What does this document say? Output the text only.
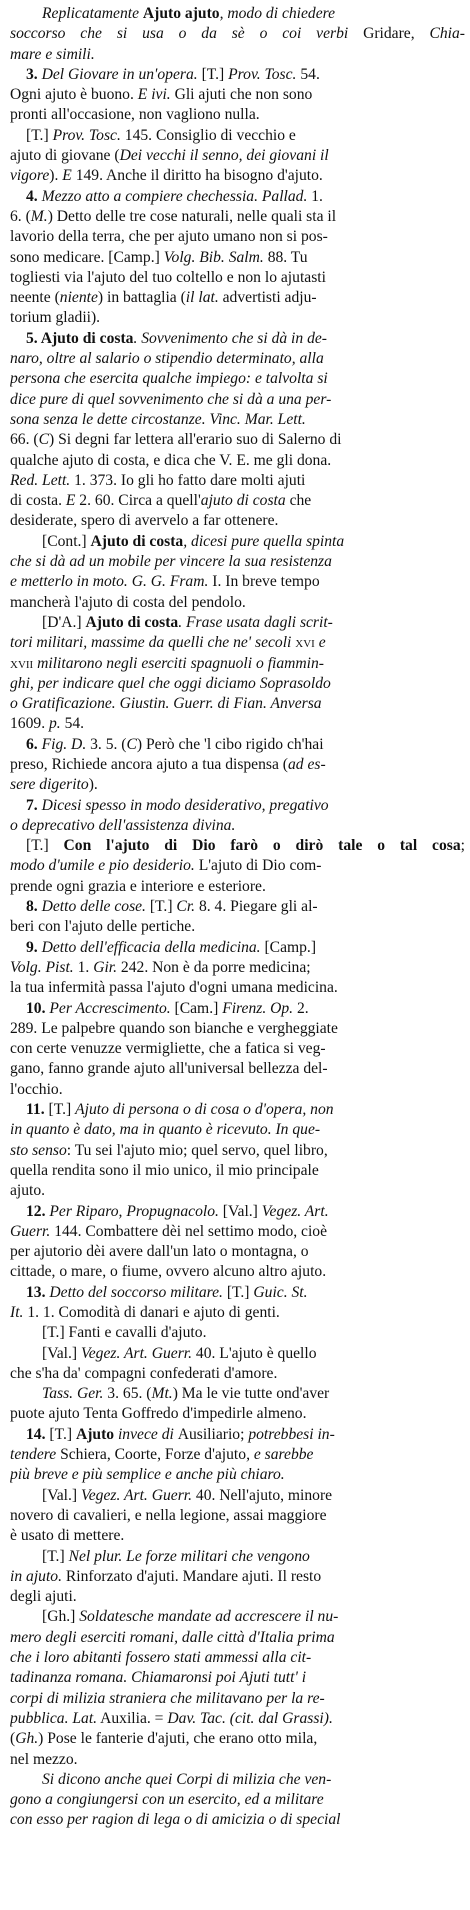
Replicatamente Ajuto ajuto, modo di chiedere
soccorso che si usa o da sè o coi verbi Gridare, Chia-
mare e simili.
3. Del Giovare in un'opera. [T.] Prov. Tosc. 54.
Ogni ajuto è buono. E ivi. Gli ajuti che non sono
pronti all'occasione, non vagliono nulla.
[T.] Prov. Tosc. 145. Consiglio di vecchio e
ajuto di giovane (Dei vecchi il senno, dei giovani il
vigore). E 149. Anche il diritto ha bisogno d'ajuto.
4. Mezzo atto a compiere chechessia. Pallad. 1.
6. (M.) Detto delle tre cose naturali, nelle quali sta il
lavorio della terra, che per ajuto umano non si pos-
sono medicare. [Camp.] Volg. Bib. Salm. 88. Tu
togliesti via l'ajuto del tuo coltello e non lo ajutasti
neente (niente) in battaglia (il lat. advertisti adju-
torium gladii).
5. Ajuto di costa. Sovvenimento che si dà in de-
naro, oltre al salario o stipendio determinato, alla
persona che esercita qualche impiego: e talvolta si
dice pure di quel sovvenimento che si dà a una per-
sona senza le dette circostanze. Vinc. Mar. Lett.
66. (C) Si degni far lettera all'erario suo di Salerno di
qualche ajuto di costa, e dica che V. E. me gli dona.
Red. Lett. 1. 373. Io gli ho fatto dare molti ajuti
di costa. E 2. 60. Circa a quell'ajuto di costa che
desiderate, spero di avervelo a far ottenere.
[Cont.] Ajuto di costa, dicesi pure quella spinta
che si dà ad un mobile per vincere la sua resistenza
e metterlo in moto. G. G. Fram. I. In breve tempo
mancherà l'ajuto di costa del pendolo.
[D'A.] Ajuto di costa. Frase usata dagli scrit-
tori militari, massime da quelli che ne' secoli xvi e
xvii militarono negli eserciti spagnuoli o fiammin-
ghi, per indicare quel che oggi diciamo Soprasoldo
o Gratificazione. Giustin. Guerr. di Fian. Anversa
1609. p. 54.
6. Fig. D. 3. 5. (C) Però che 'l cibo rigido ch'hai
preso, Richiede ancora ajuto a tua dispensa (ad es-
sere digerito).
7. Dicesi spesso in modo desiderativo, pregativo
o deprecativo dell'assistenza divina.
[T.] Con l'ajuto di Dio farò o dirò tale o tal cosa;
modo d'umile e pio desiderio. L'ajuto di Dio com-
prende ogni grazia e interiore e esteriore.
8. Detto delle cose. [T.] Cr. 8. 4. Piegare gli al-
beri con l'ajuto delle pertiche.
9. Detto dell'efficacia della medicina. [Camp.]
Volg. Pist. 1. Gir. 242. Non è da porre medicina;
la tua infermità passa l'ajuto d'ogni umana medicina.
10. Per Accrescimento. [Cam.] Firenz. Op. 2.
289. Le palpebre quando son bianche e vergheggiate
con certe venuzze vermigliette, che a fatica si veg-
gano, fanno grande ajuto all'universal bellezza del-
l'occhio.
11. [T.] Ajuto di persona o di cosa o d'opera, non
in quanto è dato, ma in quanto è ricevuto. In que-
sto senso: Tu sei l'ajuto mio; quel servo, quel libro,
quella rendita sono il mio unico, il mio principale
ajuto.
12. Per Riparo, Propugnacolo. [Val.] Vegez. Art.
Guerr. 144. Combattere dèi nel settimo modo, cioè
per ajutorio dèi avere dall'un lato o montagna, o
cittade, o mare, o fiume, ovvero alcuno altro ajuto.
13. Detto del soccorso militare. [T.] Guic. St.
It. 1. 1. Comodità di danari e ajuto di genti.
[T.] Fanti e cavalli d'ajuto.
[Val.] Vegez. Art. Guerr. 40. L'ajuto è quello
che s'ha da' compagni confederati d'amore.
Tass. Ger. 3. 65. (Mt.) Ma le vie tutte ond'aver
puote ajuto Tenta Goffredo d'impedirle almeno.
14. [T.] Ajuto invece di Ausiliario; potrebbesi in-
tendere Schiera, Coorte, Forze d'ajuto, e sarebbe
più breve e più semplice e anche più chiaro.
[Val.] Vegez. Art. Guerr. 40. Nell'ajuto, minore
novero di cavalieri, e nella legione, assai maggiore
è usato di mettere.
[T.] Nel plur. Le forze militari che vengono
in ajuto. Rinforzato d'ajuti. Mandare ajuti. Il resto
degli ajuti.
[Gh.] Soldatesche mandate ad accrescere il nu-
mero degli eserciti romani, dalle città d'Italia prima
che i loro abitanti fossero stati ammessi alla cit-
tadinanza romana. Chiamaronsi poi Ajuti tutt' i
corpi di milizia straniera che militavano per la re-
pubblica. Lat. Auxilia. = Dav. Tac. (cit. dal Grassi).
(Gh.) Pose le fanterie d'ajuti, che erano otto mila,
nel mezzo.
Si dicono anche quei Corpi di milizia che ven-
gono a congiungersi con un esercito, ed a militare
con esso per ragion di lega o di amicizia o di special
